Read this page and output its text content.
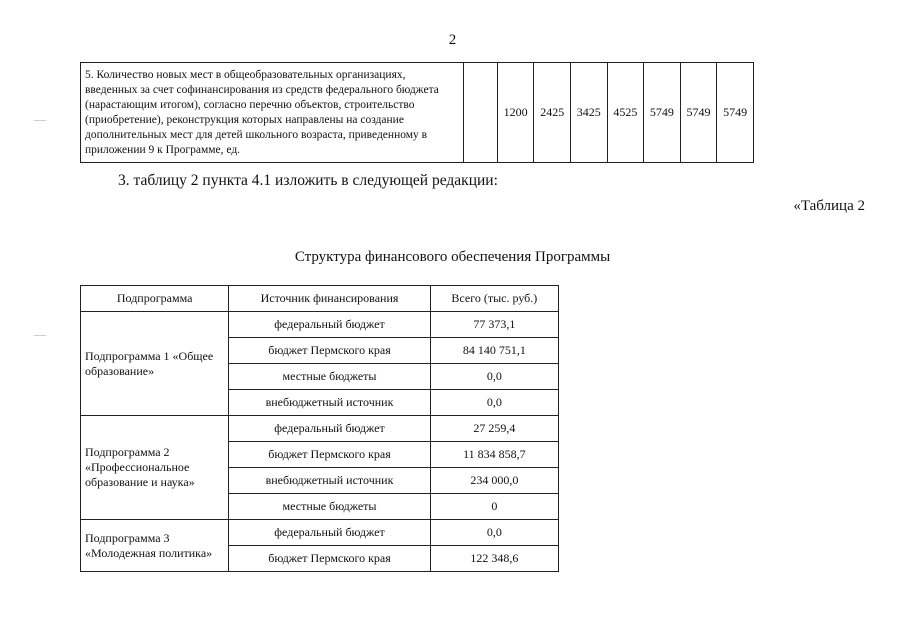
2
5. Количество новых мест в общеобразовательных организациях, введенных за счет софинансирования из средств федерального бюджета (нарастающим итогом), согласно перечню объектов, строительство (приобретение), реконструкция которых направлены на создание дополнительных мест для детей школьного возраста, приведенному в приложении 9 к Программе, ед.		1200	2425	3425	4525	5749	5749	5749
3. таблицу 2 пункта 4.1 изложить в следующей редакции:
«Таблица 2
Структура финансового обеспечения Программы
Подпрограмма	Источник финансирования	Всего (тыс. руб.)
Подпрограмма 1 «Общее образование»	федеральный бюджет	77 373,1
	бюджет Пермского края	84 140 751,1
	местные бюджеты	0,0
	внебюджетный источник	0,0
Подпрограмма 2 «Профессиональное образование и наука»	федеральный бюджет	27 259,4
	бюджет Пермского края	11 834 858,7
	внебюджетный источник	234 000,0
	местные бюджеты	0
Подпрограмма 3 «Молодежная политика»	федеральный бюджет	0,0
	бюджет Пермского края	122 348,6
